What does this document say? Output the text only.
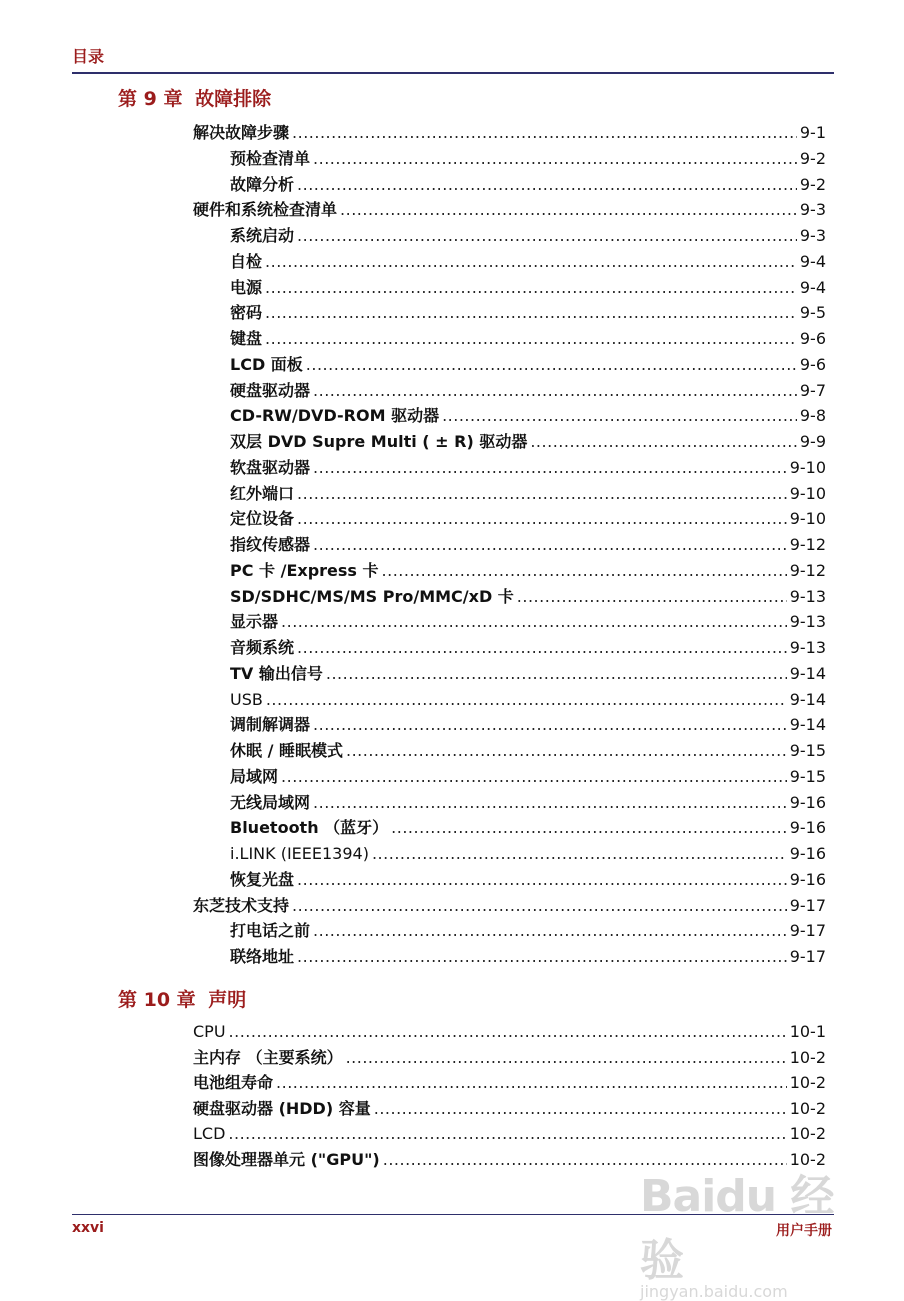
目录
第 9 章 故障排除
解决故障步骤 .....	9-1
预检查清单 .....	9-2
故障分析 .....	9-2
硬件和系统检查清单 .....	9-3
系统启动 .....	9-3
自检 .....	9-4
电源 .....	9-4
密码 .....	9-5
键盘 .....	9-6
LCD 面板 .....	9-6
硬盘驱动器 .....	9-7
CD-RW/DVD-ROM 驱动器 .....	9-8
双层 DVD Supre Multi ( ± R) 驱动器 .....	9-9
软盘驱动器 .....	9-10
红外端口 .....	9-10
定位设备 .....	9-10
指纹传感器 .....	9-12
PC 卡 /Express 卡 .....	9-12
SD/SDHC/MS/MS Pro/MMC/xD 卡 .....	9-13
显示器 .....	9-13
音频系统 .....	9-13
TV 输出信号 .....	9-14
USB .....	9-14
调制解调器 .....	9-14
休眠 / 睡眠模式 .....	9-15
局域网 .....	9-15
无线局域网 .....	9-16
Bluetooth （蓝牙） .....	9-16
i.LINK (IEEE1394) .....	9-16
恢复光盘 .....	9-16
东芝技术支持 .....	9-17
打电话之前 .....	9-17
联络地址 .....	9-17
第 10 章 声明
CPU .....	10-1
主内存 （主要系统） .....	10-2
电池组寿命 .....	10-2
硬盘驱动器 (HDD) 容量 .....	10-2
LCD .....	10-2
图像处理器单元 ("GPU") .....	10-2
xxvi	用户手册
Baidu 经验
jingyan.baidu.com
